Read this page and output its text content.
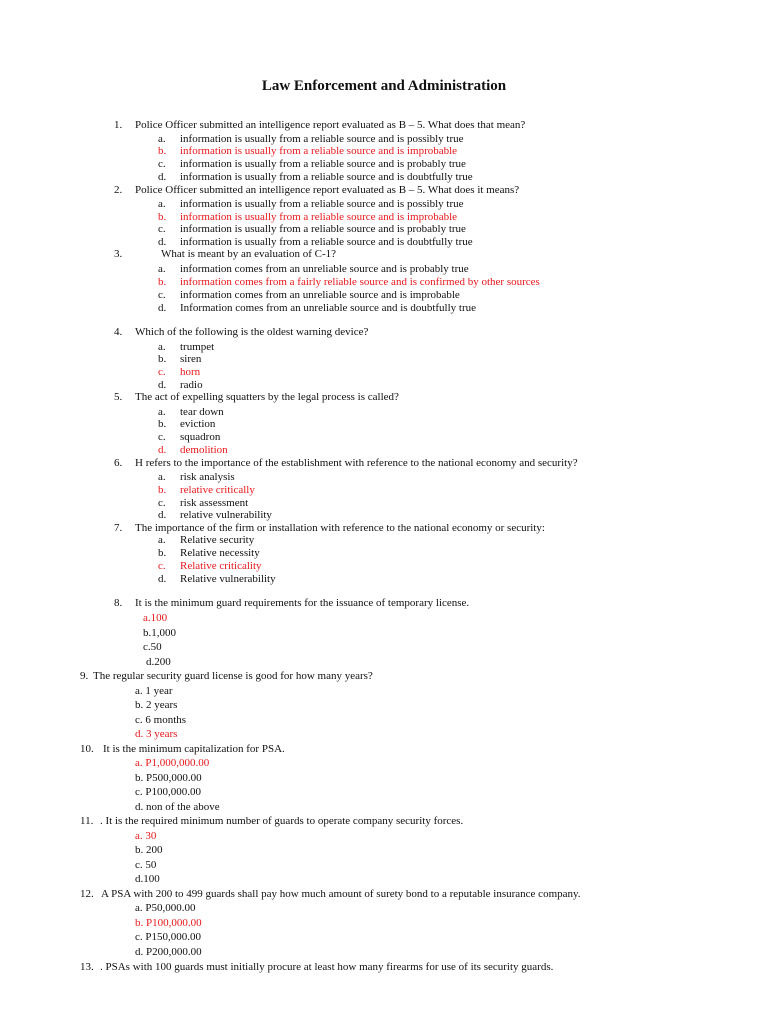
Law Enforcement and Administration
1. Police Officer submitted an intelligence report evaluated as B – 5. What does that mean?
a. information is usually from a reliable source and is possibly true
b. information is usually from a reliable source and is improbable
c. information is usually from a reliable source and is probably true
d. information is usually from a reliable source and is doubtfully true
2. Police Officer submitted an intelligence report evaluated as B – 5. What does it means?
a. information is usually from a reliable source and is possibly true
b. information is usually from a reliable source and is improbable
c. information is usually from a reliable source and is probably true
d. information is usually from a reliable source and is doubtfully true
3.	What is meant by an evaluation of C-1?
a. information comes from an unreliable source and is probably true
b. information comes from a fairly reliable source and is confirmed by other sources
c. information comes from an unreliable source and is improbable
d. Information comes from an unreliable source and is doubtfully true
4. Which of the following is the oldest warning device?
a. trumpet
b. siren
c. horn
d. radio
5. The act of expelling squatters by the legal process is called?
a. tear down
b. eviction
c. squadron
d. demolition
6. H refers to the importance of the establishment with reference to the national economy and security?
a. risk analysis
b. relative critically
c. risk assessment
d. relative vulnerability
7. The importance of the firm or installation with reference to the national economy or security:
a. Relative security
b. Relative necessity
c. Relative criticality
d. Relative vulnerability
8. It is the minimum guard requirements for the issuance of temporary license.
a.100
b.1,000
c.50
d.200
9. The regular security guard license is good for how many years?
a. 1 year
b. 2 years
c. 6 months
d. 3 years
10. It is the minimum capitalization for PSA.
a. P1,000,000.00
b. P500,000.00
c. P100,000.00
d. non of the above
11. . It is the required minimum number of guards to operate company security forces.
a. 30
b. 200
c. 50
d.100
12. A PSA with 200 to 499 guards shall pay how much amount of surety bond to a reputable insurance company.
a. P50,000.00
b. P100,000.00
c. P150,000.00
d. P200,000.00
13. . PSAs with 100 guards must initially procure at least how many firearms for use of its security guards.
